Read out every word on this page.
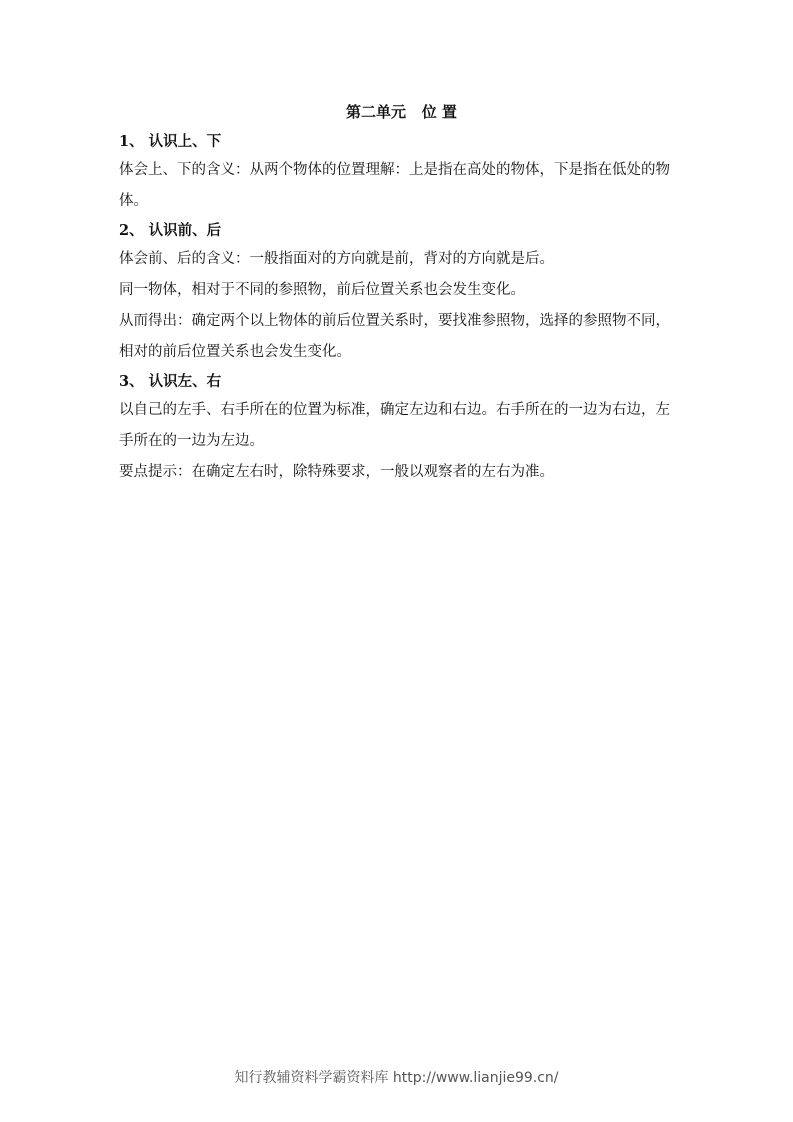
第二单元   位 置
1、 认识上、下

体会上、下的含义：从两个物体的位置理解：上是指在高处的物体，下是指在低处的物体。

2、 认识前、后

体会前、后的含义：一般指面对的方向就是前，背对的方向就是后。

同一物体，相对于不同的参照物，前后位置关系也会发生变化。

从而得出：确定两个以上物体的前后位置关系时，要找准参照物，选择的参照物不同，相对的前后位置关系也会发生变化。

3、 认识左、右

以自己的左手、右手所在的位置为标准，确定左边和右边。右手所在的一边为右边，左手所在的一边为左边。

要点提示：在确定左右时，除特殊要求，一般以观察者的左右为准。

知行教辅资料学霸资料库 http://www.lianjie99.cn/
